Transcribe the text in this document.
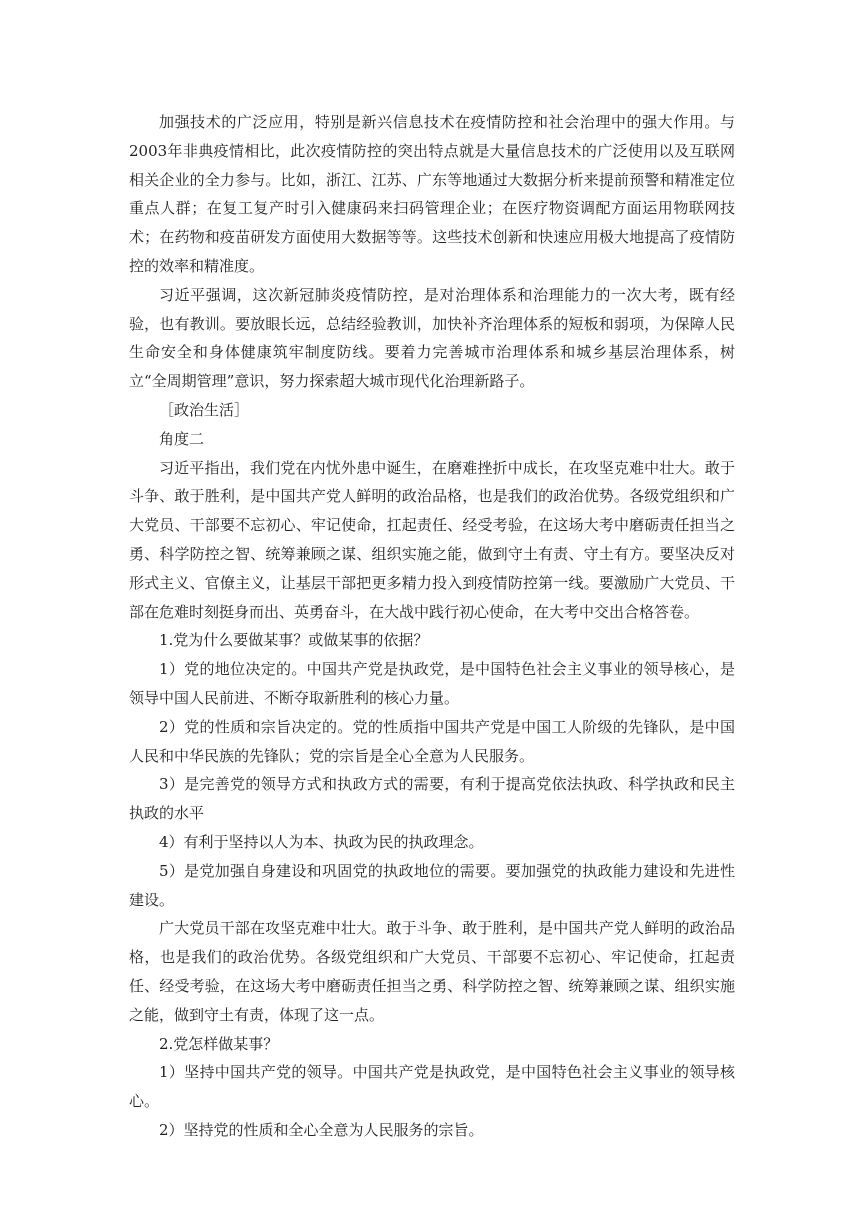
加强技术的广泛应用，特别是新兴信息技术在疫情防控和社会治理中的强大作用。与2003年非典疫情相比，此次疫情防控的突出特点就是大量信息技术的广泛使用以及互联网相关企业的全力参与。比如，浙江、江苏、广东等地通过大数据分析来提前预警和精准定位重点人群；在复工复产时引入健康码来扫码管理企业；在医疗物资调配方面运用物联网技术；在药物和疫苗研发方面使用大数据等等。这些技术创新和快速应用极大地提高了疫情防控的效率和精准度。

习近平强调，这次新冠肺炎疫情防控，是对治理体系和治理能力的一次大考，既有经验，也有教训。要放眼长远，总结经验教训，加快补齐治理体系的短板和弱项，为保障人民生命安全和身体健康筑牢制度防线。要着力完善城市治理体系和城乡基层治理体系，树立“全周期管理”意识，努力探索超大城市现代化治理新路子。

［政治生活］

角度二

习近平指出，我们党在内忧外患中诞生，在磨难挫折中成长，在攻坚克难中壮大。敢于斗争、敢于胜利，是中国共产党人鲜明的政治品格，也是我们的政治优势。各级党组织和广大党员、干部要不忘初心、牢记使命，扛起责任、经受考验，在这场大考中磨砺责任担当之勇、科学防控之智、统筹兼顾之谋、组织实施之能，做到守土有责、守土有方。要坚决反对形式主义、官僚主义，让基层干部把更多精力投入到疫情防控第一线。要激励广大党员、干部在危难时刻挺身而出、英勇奋斗，在大战中践行初心使命，在大考中交出合格答卷。

1.党为什么要做某事？或做某事的依据？

1）党的地位决定的。中国共产党是执政党，是中国特色社会主义事业的领导核心，是领导中国人民前进、不断夺取新胜利的核心力量。

2）党的性质和宗旨决定的。党的性质指中国共产党是中国工人阶级的先锋队，是中国人民和中华民族的先锋队；党的宗旨是全心全意为人民服务。

3）是完善党的领导方式和执政方式的需要，有利于提高党依法执政、科学执政和民主执政的水平

4）有利于坚持以人为本、执政为民的执政理念。

5）是党加强自身建设和巩固党的执政地位的需要。要加强党的执政能力建设和先进性建设。

广大党员干部在攻坚克难中壮大。敢于斗争、敢于胜利，是中国共产党人鲜明的政治品格，也是我们的政治优势。各级党组织和广大党员、干部要不忘初心、牢记使命，扛起责任、经受考验，在这场大考中磨砺责任担当之勇、科学防控之智、统筹兼顾之谋、组织实施之能，做到守土有责，体现了这一点。

2.党怎样做某事？

1）坚持中国共产党的领导。中国共产党是执政党，是中国特色社会主义事业的领导核心。

2）坚持党的性质和全心全意为人民服务的宗旨。
